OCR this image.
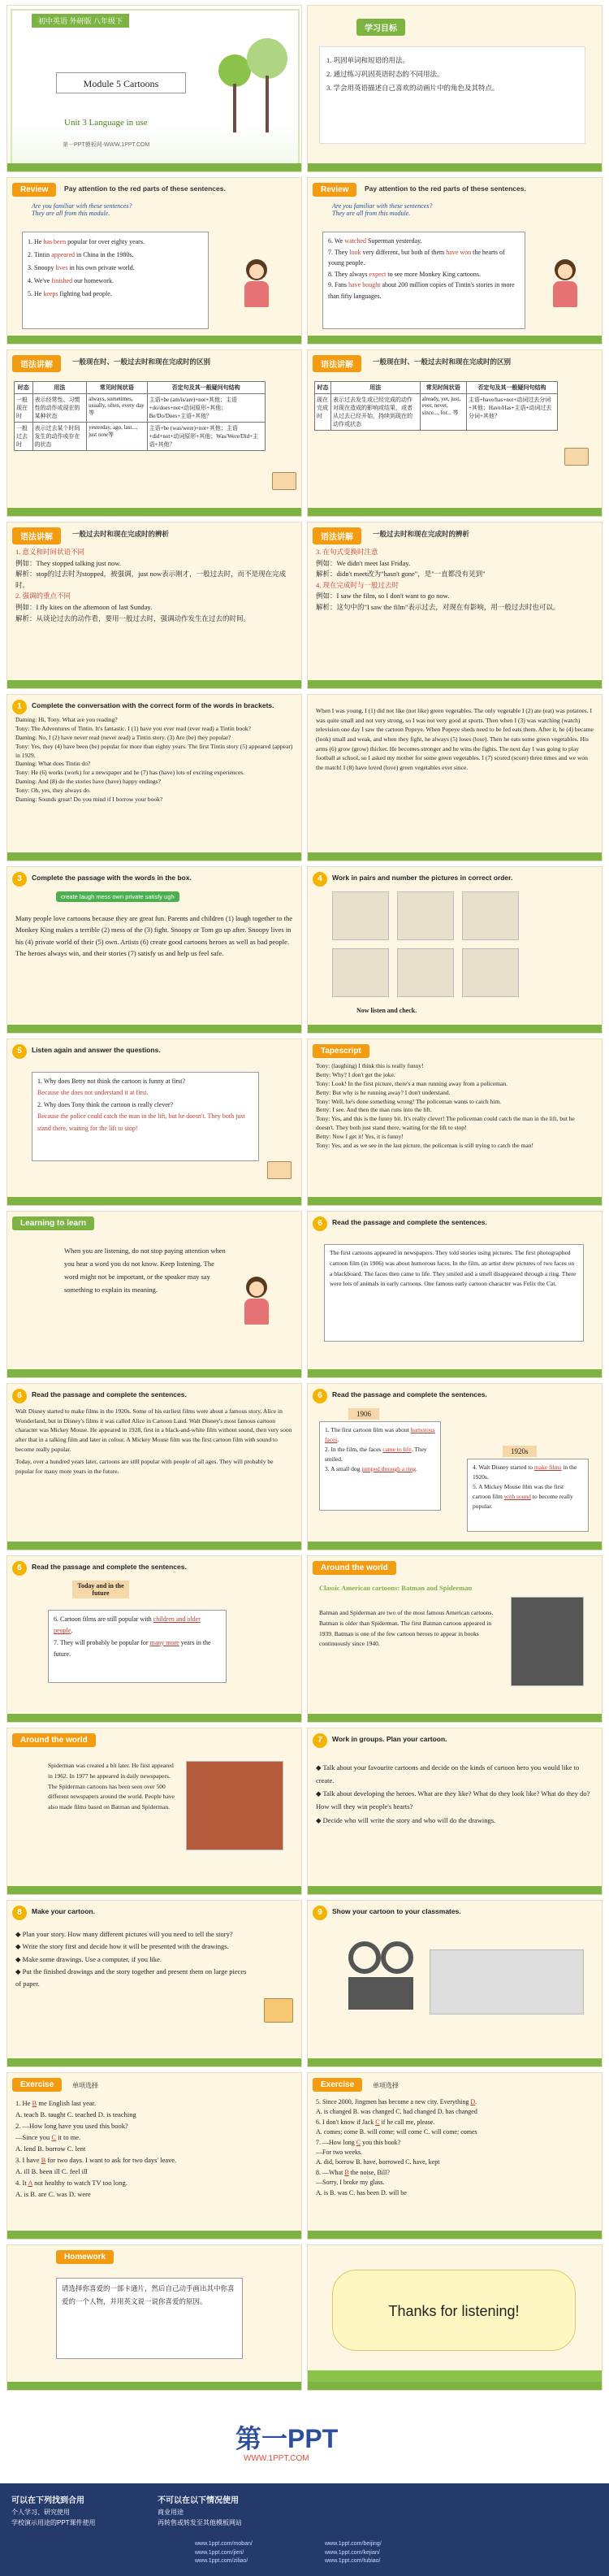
初中英语 外研版 八年级下
Module 5 Cartoons
Unit 3 Language in use
第一PPT模板网-WWW.1PPT.COM
学习目标
1. 巩固单词和短语的用法。
2. 通过练习巩固英语时态的不同用法。
3. 学会用英语描述自己喜欢的动画片中的角色及其特点。
Review	Pay attention to the red parts of these sentences.
Are you familiar with these sentences?
They are all from this module.
1. He has been popular for over eighty years.
2. Tintin appeared in China in the 1980s.
3. Snoopy lives in his own private world.
4. We've finished our homework.
5. He keeps fighting bad people.
Review	Pay attention to the red parts of these sentences.
Are you familiar with these sentences?
They are all from this module.
6. We watched Superman yesterday.
7. They look very different, but both of them have won the hearts of young people.
8. They always expect to see more Monkey King cartoons.
9. Fans have bought about 200 million copies of Tintin's stories in more than fifty languages.
语法讲解	一般现在时、一般过去时和现在完成时的区别
时态	用法	常见时间状语	否定句及其一般疑问句结构
一般现在时	表示经常性、习惯性的动作或现在的某种状态	always, sometimes, usually, often, every day等	主语+be (am/is/are)+not+其他；主语+do/does+not+动词原形+其他；Be/Do/Does+主语+其他？
一般过去时	表示过去某个时间发生的动作或存在的状态	yesterday, ago, last..., just now等	主语+be (was/were)+not+其他；主语+did+not+动词原形+其他；Was/Were/Did+主语+其他？
语法讲解	一般现在时、一般过去时和现在完成时的区别
时态	用法	常见时间状语	否定句及其一般疑问句结构
现在完成时	表示过去发生或已经完成的动作对现在造成的影响或结果，或者从过去已经开始，持续到现在的动作或状态	already, yet, just, ever, never, since..., for... 等	主语+have/has+not+动词过去分词+其他；Have/Has+主语+动词过去分词+其他？
语法讲解	一般过去时和现在完成时的辨析
1. 意义和时间状语不同
例如：They stopped talking just now.
解析：stop的过去时为stopped，被强调，just now表示刚才，一般过去时，而不是现在完成时。
2. 强调的重点不同
例如：I fly kites on the afternoon of last Sunday.
解析：从谈论过去的动作看，要用一般过去时，强调动作发生在过去的时间。
语法讲解	一般过去时和现在完成时的辨析
3. 在句式变换时注意
例如：We didn't meet last Friday.
解析：didn't meet改为"hasn't gone"，是"一直都没有见到"
4. 现在完成时与一般过去时
例如：I saw the film, so I don't want to go now.
解析：这句中的"I saw the film"表示过去，对现在有影响，用一般过去时也可以。
1	Complete the conversation with the correct form of the words in brackets.
Daming: Hi, Tony. What are you reading?
Tony: The Adventures of Tintin. It's fantastic. I (1) have you ever read (ever read) a Tintin book?
Daming: No, I (2) have never read (never read) a Tintin story. (3) Are (be) they popular?
Tony: Yes, they (4) have been (be) popular for more than eighty years. The first Tintin story (5) appeared (appear) in 1929.
Daming: What does Tintin do?
Tony: He (6) works (work) for a newspaper and he (7) has (have) lots of exciting experiences.
Daming: And (8) do the stories have (have) happy endings?
Tony: Oh, yes, they always do.
Daming: Sounds great! Do you mind if I borrow your book?
When I was young, I (1) did not like (not like) green vegetables. The only vegetable I (2) ate (eat) was potatoes. I was quite small and not very strong, so I was not very good at sports. Then when I (3) was watching (watch) television one day I saw the cartoon Popeye. When Popeye sheds need to be fed eats them. After it, he (4) became (look) small and weak, and when they fight, he always (5) loses (lose). Then he eats some green vegetables. His arms (6) grow (grow) thicker. He becomes stronger and he wins the fights. The next day I was going to play football at school, so I asked my mother for some green vegetables. I (7) scored (score) three times and we won the match! I (8) have loved (love) green vegetables ever since.
3	Complete the passage with the words in the box.
create laugh mess own private satisfy ugh
Many people love cartoons because they are great fun. Parents and children (1) laugh together to the Monkey King makes a terrible (2) mess of the (3) fight. Snoopy or Tom go up after. Snoopy lives in his (4) private world of their (5) own. Artists (6) create good cartoons heroes as well as bad people. The heroes always win, and their stories (7) satisfy us and help us feel safe.
4	Work in pairs and number the pictures in correct order.
Now listen and check.
5	Listen again and answer the questions.
1. Why does Betty not think the cartoon is funny at first?
Because she does not understand it at first.
2. Why does Tony think the cartoon is really clever?
Because the police could catch the man in the lift, but he doesn't. They both just stand there, waiting for the lift to stop!
Tapescript
Tony: (laughing) I think this is really funny!
Betty: Why? I don't get the joke.
Tony: Look! In the first picture, there's a man running away from a policeman.
Betty: But why is he running away? I don't understand.
Tony: Well, he's done something wrong! The policeman wants to catch him.
Betty: I see. And then the man runs into the lift.
Tony: Yes, and this is the funny bit. It's really clever! The policeman could catch the man in the lift, but he doesn't. They both just stand there, waiting for the lift to stop!
Betty: Now I get it! Yes, it is funny!
Tony: Yes, and as we see in the last picture, the policeman is still trying to catch the man!
Learning to learn
When you are listening, do not stop paying attention when you hear a word you do not know. Keep listening. The word might not be important, or the speaker may say something to explain its meaning.
6	Read the passage and complete the sentences.
The first cartoons appeared in newspapers. They told stories using pictures. The first photographed cartoon film (in 1906) was about humorous faces. In the film, an artist drew pictures of two faces on a blackboard. The faces then came to life. They smiled and a smell disappeared through a ring. There were lots of animals in early cartoons. One famous early cartoon character was Felix the Cat.
6	Read the passage and complete the sentences.
Walt Disney started to make films in the 1920s. Some of his earliest films were about a famous story, Alice in Wonderland, but in Disney's films it was called Alice in Cartoon Land. Walt Disney's most famous cartoon character was Mickey Mouse. He appeared in 1928, first in a black-and-white film without sound, then very soon after that in a talking film and later in colour. A Mickey Mouse film was the first cartoon film with sound to become really popular.
Today, over a hundred years later, cartoons are still popular with people of all ages. They will probably be popular for many more years in the future.
6	Read the passage and complete the sentences.
1906
1. The first cartoon film was about humorous faces.
2. In the film, the faces came to life. They smiled.
3. A small dog jumped through a ring.
1920s
4. Walt Disney started to make films in the 1920s.
5. A Mickey Mouse film was the first cartoon film with sound to become really popular.
6	Read the passage and complete the sentences.
Today and in the future
6. Cartoon films are still popular with children and older people.
7. They will probably be popular for many more years in the future.
Around the world
Classic American cartoons: Batman and Spiderman
Batman and Spiderman are two of the most famous American cartoons. Batman is older than Spiderman. The first Batman cartoon appeared in 1939. Batman is one of the few cartoon heroes to appear in books continuously since 1940.
Around the world
Spiderman was created a bit later. He first appeared in 1962. In 1977 he appeared in daily newspapers. The Spiderman cartoons has been seen over 500 different newspapers around the world. People have also made films based on Batman and Spiderman.
7	Work in groups. Plan your cartoon.
◆ Talk about your favourite cartoons and decide on the kinds of cartoon hero you would like to create.
◆ Talk about developing the heroes. What are they like? What do they look like? What do they do? How will they win people's hearts?
◆ Decide who will write the story and who will do the drawings.
8	Make your cartoon.
◆ Plan your story. How many different pictures will you need to tell the story?
◆ Write the story first and decide how it will be presented with the drawings.
◆ Make some drawings. Use a computer, if you like.
◆ Put the finished drawings and the story together and present them on large pieces of paper.
9	Show your cartoon to your classmates.
Exercise	单项选择
1. He B me English last year.
A. teach B. taught C. teached D. is teaching
2. —How long have you used this book?
—Since you C it to me.
A. lend B. borrow C. lent
3. I have B for two days. I want to ask for two days' leave.
A. ill B. been ill C. feel ill
4. It A not healthy to watch TV too long.
A. is B. are C. was D. were
Exercise	单项选择
5. Since 2000, Jingmen has become a new city. Everything D.
A. is changed B. was changed C. had changed D. has changed
6. I don't know if Jack C if he call me, please.
A. comes; come B. will come; will come C. will come; comes
7. —How long C you this book?
—For two weeks.
A. did, borrow B. have, borrowed C. have, kept
8. —What B the noise, Bill?
—Sorry, I broke my glass.
A. is B. was C. has been D. will be
Homework
请选择你喜爱的一部卡通片，然后自己动手画出其中你喜爱的一个人物，并用英文说一说你喜爱的原因。
Thanks for listening!
第一PPT
WWW.1PPT.COM
可以在下列找到合用
个人学习、研究使用
学校演示用途的PPT课件使用
不可以在以下情况使用
商业用途
再转售或转发至其他模板网站
www.1ppt.com/moban/
www.1ppt.com/jieri/
www.1ppt.com/ziliao/
www.1ppt.com/beijing/
www.1ppt.com/kejian/
www.1ppt.com/tubiao/
